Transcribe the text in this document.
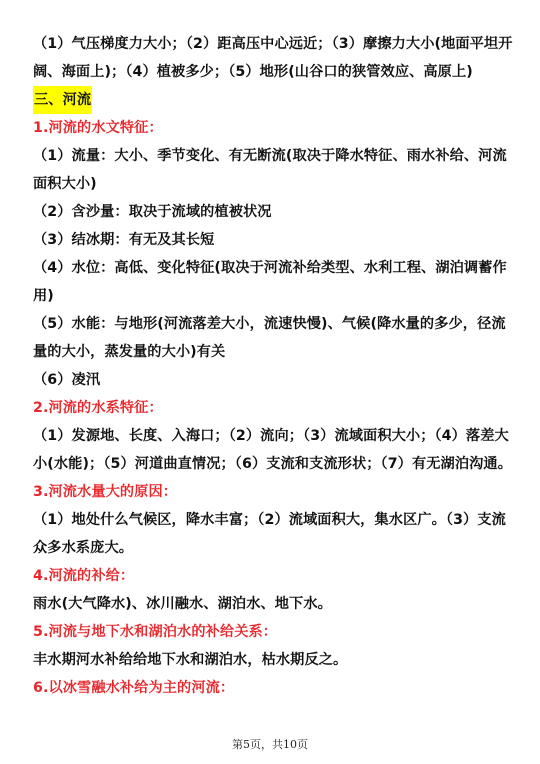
（1）气压梯度力大小；（2）距高压中心远近；（3）摩擦力大小(地面平坦开
阔、海面上)；（4）植被多少；（5）地形(山谷口的狭管效应、高原上)
三、河流
1.河流的水文特征：
（1）流量：大小、季节变化、有无断流(取决于降水特征、雨水补给、河流
面积大小)
（2）含沙量：取决于流域的植被状况
（3）结冰期：有无及其长短
（4）水位：高低、变化特征(取决于河流补给类型、水利工程、湖泊调蓄作
用)
（5）水能：与地形(河流落差大小，流速快慢)、气候(降水量的多少，径流
量的大小，蒸发量的大小)有关
（6）凌汛
2.河流的水系特征：
（1）发源地、长度、入海口；（2）流向；（3）流域面积大小；（4）落差大
小(水能)；（5）河道曲直情况；（6）支流和支流形状；（7）有无湖泊沟通。
3.河流水量大的原因：
（1）地处什么气候区，降水丰富；（2）流域面积大，集水区广。（3）支流
众多水系庞大。
4.河流的补给：
雨水(大气降水)、冰川融水、湖泊水、地下水。
5.河流与地下水和湖泊水的补给关系：
丰水期河水补给给地下水和湖泊水，枯水期反之。
6.以冰雪融水补给为主的河流：
第5页，共10页
